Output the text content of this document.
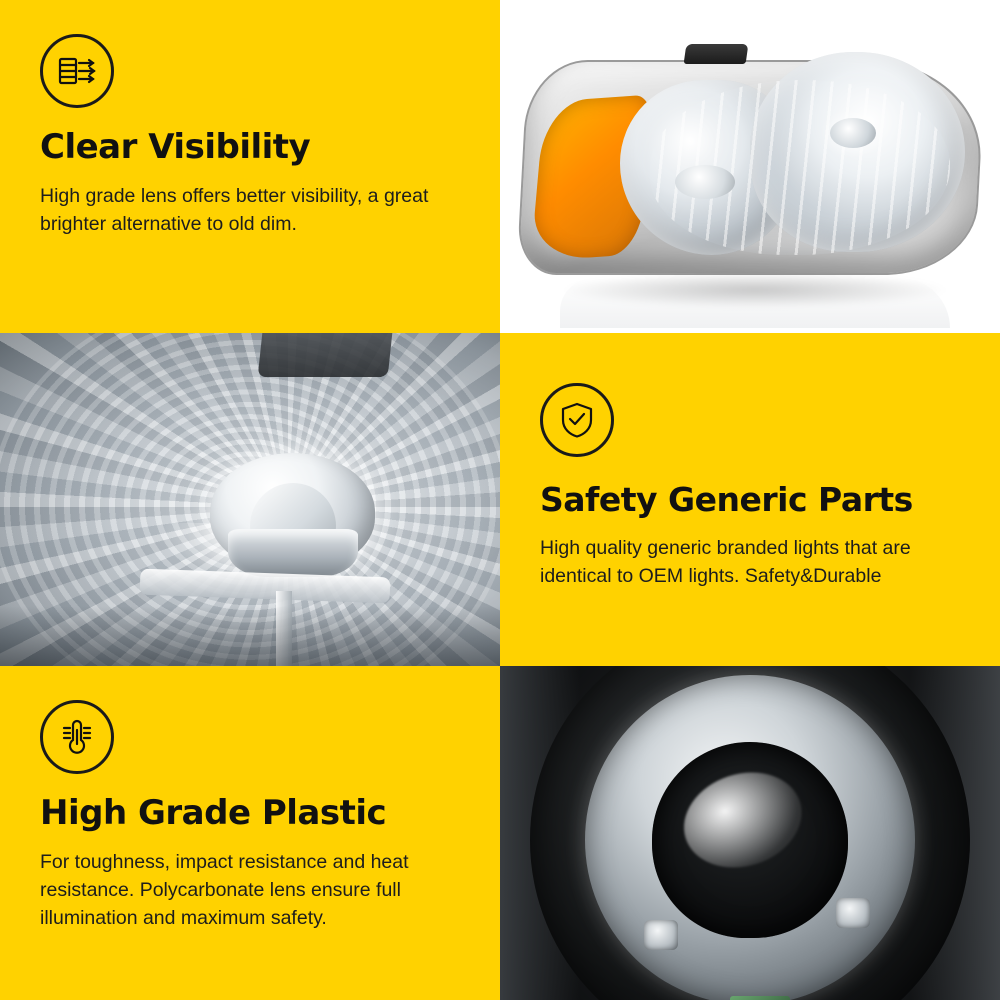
Clear Visibility
High grade lens offers better visibility, a great brighter alternative to old dim.
Safety Generic Parts
High quality generic branded lights that are identical to OEM lights. Safety&Durable
High Grade Plastic
For toughness, impact resistance and heat resistance. Polycarbonate lens ensure full illumination and maximum safety.
